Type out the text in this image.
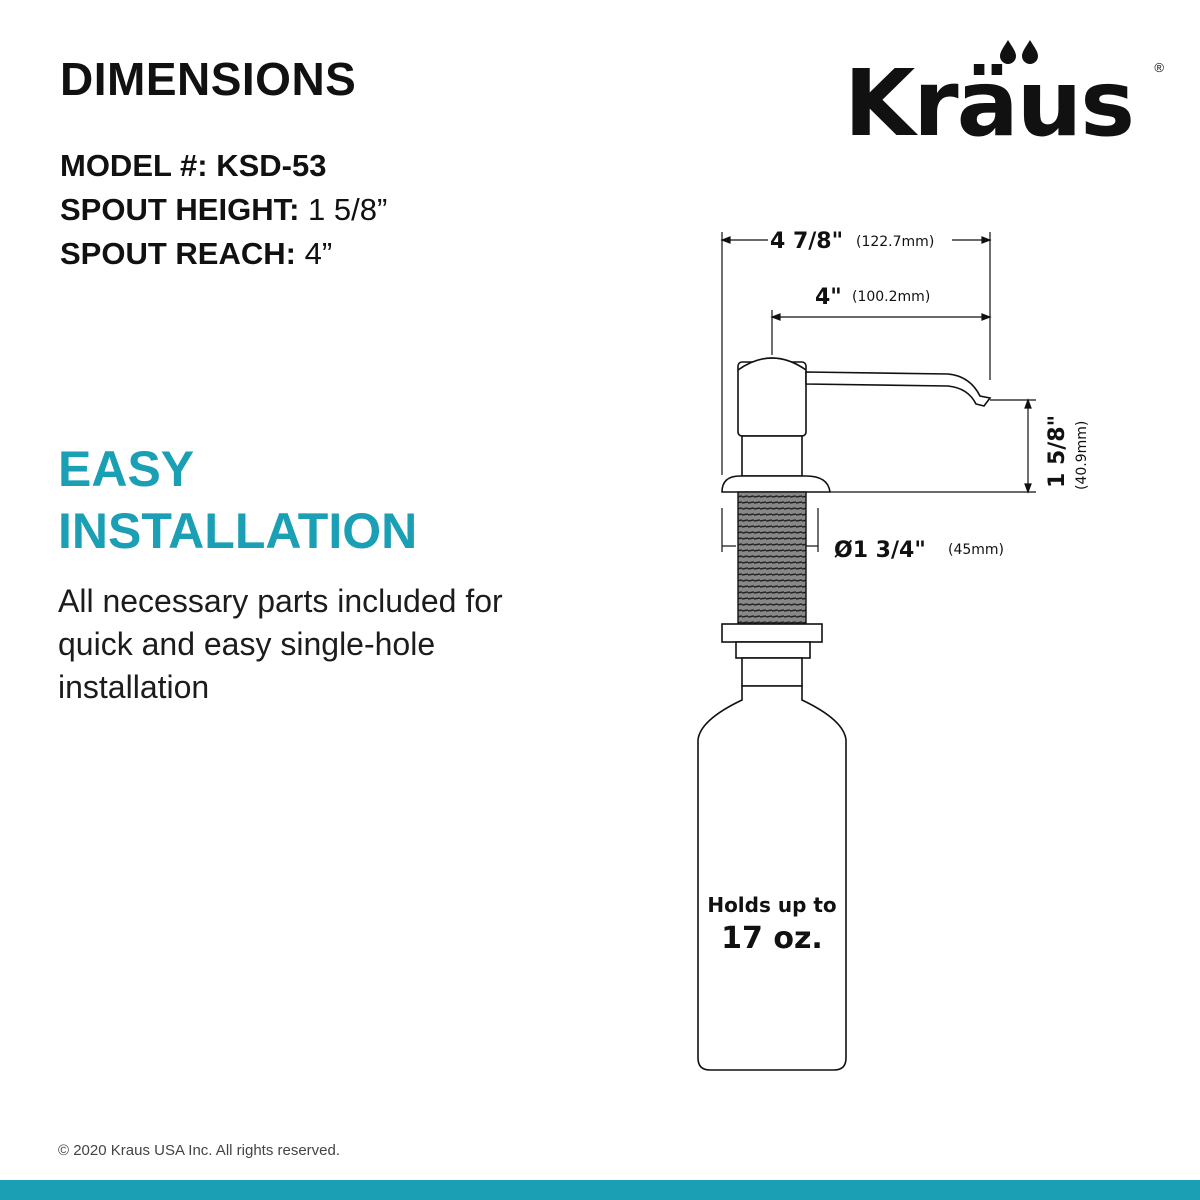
DIMENSIONS
MODEL #: KSD-53
SPOUT HEIGHT: 1 5/8”
SPOUT REACH: 4”
EASY
INSTALLATION
All necessary parts included for quick and easy single-hole installation
Kräus ®
4 7/8" (122.7mm)
4" (100.2mm)
1 5/8" (40.9mm)
Ø1 3/4" (45mm)
Holds up to
17 oz.
© 2020 Kraus USA Inc. All rights reserved.
